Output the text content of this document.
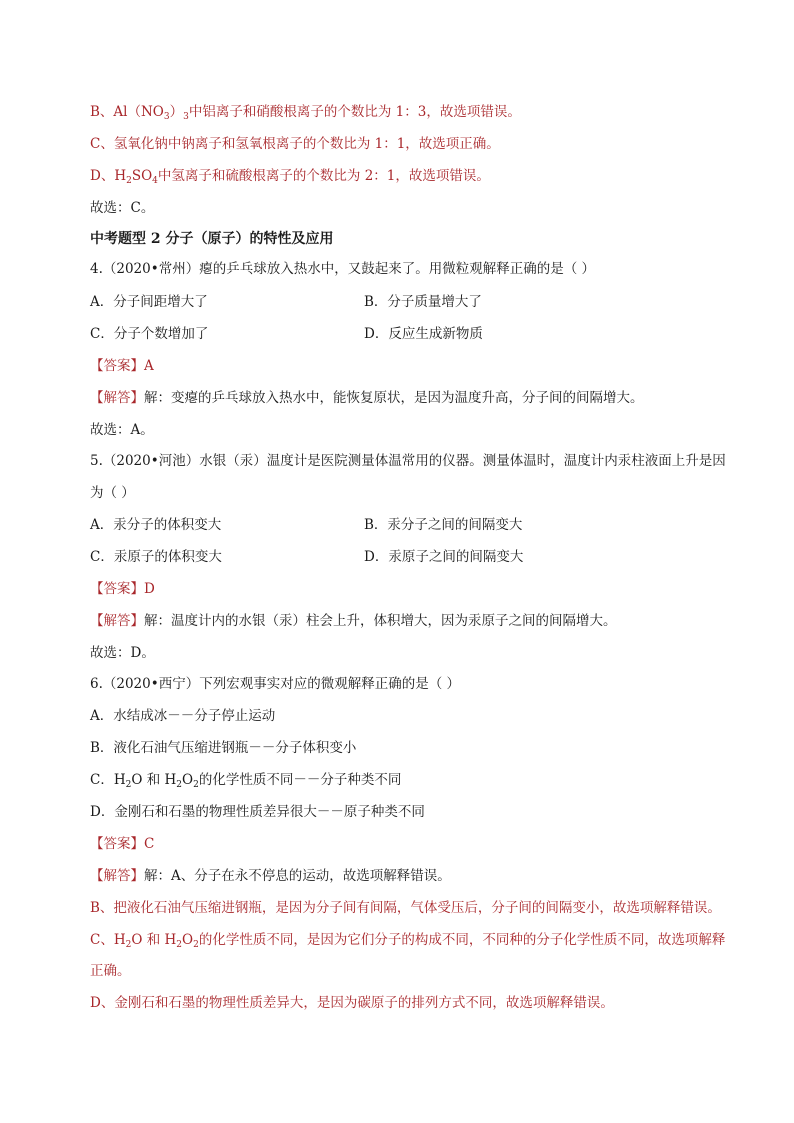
B、$Al(NO_3)_3$中铝离子和硝酸根离子的个数比为 1：3，故选项错误。
C、氢氧化钠中钠离子和氢氧根离子的个数比为 1：1，故选项正确。
D、$H_2SO_4$中氢离子和硫酸根离子的个数比为 2：1，故选项错误。
故选：C。
中考题型 2 分子（原子）的特性及应用
4.（2020•常州）瘪的乒乓球放入热水中，又鼓起来了。用微粒观解释正确的是（ ）
A．分子间距增大了	B．分子质量增大了
C．分子个数增加了	D．反应生成新物质
【答案】A
【解答】解：变瘪的乒乓球放入热水中，能恢复原状，是因为温度升高，分子间的间隔增大。
故选：A。
5.（2020•河池）水银（汞）温度计是医院测量体温常用的仪器。测量体温时，温度计内汞柱液面上升是因
为（ ）
A．汞分子的体积变大	B．汞分子之间的间隔变大
C．汞原子的体积变大	D．汞原子之间的间隔变大
【答案】D
【解答】解：温度计内的水银（汞）柱会上升，体积增大，因为汞原子之间的间隔增大。
故选：D。
6.（2020•西宁）下列宏观事实对应的微观解释正确的是（ ）
A．水结成冰－－分子停止运动
B．液化石油气压缩进钢瓶－－分子体积变小
C．$H_2O$ 和 $H_2O_2$的化学性质不同－－分子种类不同
D．金刚石和石墨的物理性质差异很大－－原子种类不同
【答案】C
【解答】解：A、分子在永不停息的运动，故选项解释错误。
B、把液化石油气压缩进钢瓶，是因为分子间有间隔，气体受压后，分子间的间隔变小，故选项解释错误。
C、$H_2O$ 和 $H_2O_2$的化学性质不同，是因为它们分子的构成不同，不同种的分子化学性质不同，故选项解释
正确。
D、金刚石和石墨的物理性质差异大，是因为碳原子的排列方式不同，故选项解释错误。
